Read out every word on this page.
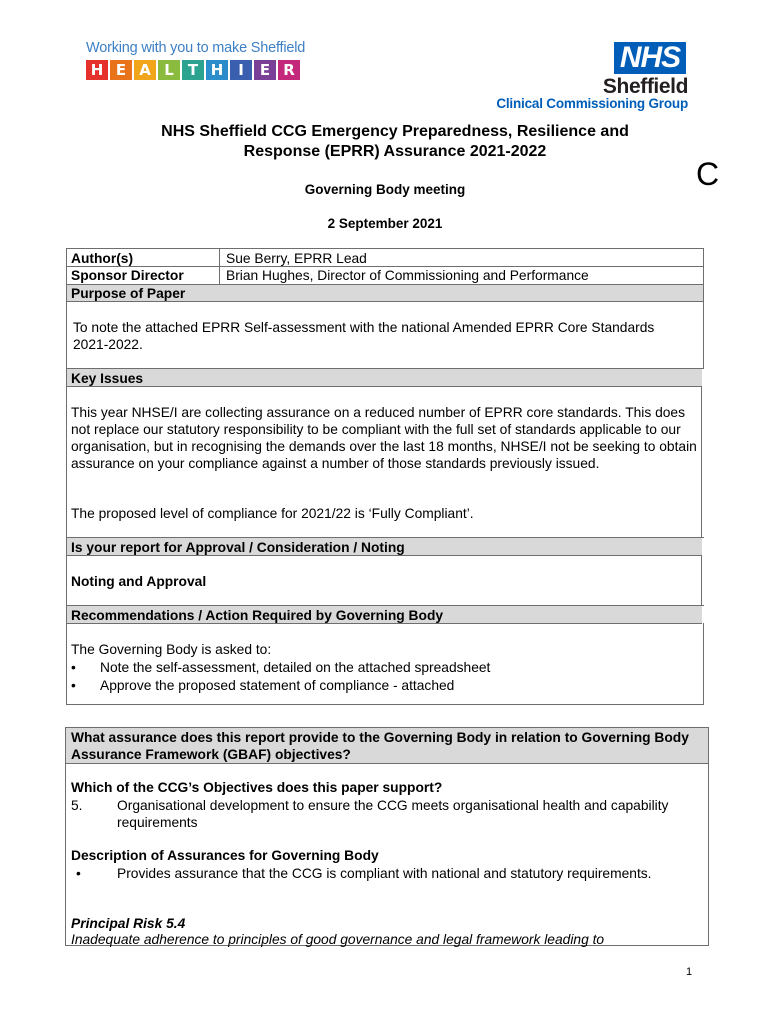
Working with you to make Sheffield
H E A L T H I	E R	NHS
Sheffield
Clinical Commissioning Group
NHS Sheffield CCG Emergency Preparedness, Resilience and
Response (EPRR) Assurance 2021-2022
C
Governing Body meeting
2 September 2021
Author(s)	Sue Berry, EPRR Lead
Sponsor Director	Brian Hughes, Director of Commissioning and Performance
Purpose of Paper
To note the attached EPRR Self-assessment with the national Amended EPRR Core Standards 2021-2022.
Key Issues
This year NHSE/I are collecting assurance on a reduced number of EPRR core standards. This does not replace our statutory responsibility to be compliant with the full set of standards applicable to our organisation, but in recognising the demands over the last 18 months, NHSE/I not be seeking to obtain assurance on your compliance against a number of those standards previously issued.
The proposed level of compliance for 2021/22 is ‘Fully Compliant’.
Is your report for Approval / Consideration / Noting
Noting and Approval
Recommendations / Action Required by Governing Body
The Governing Body is asked to:
• Note the self-assessment, detailed on the attached spreadsheet
• Approve the proposed statement of compliance - attached
What assurance does this report provide to the Governing Body in relation to Governing Body Assurance Framework (GBAF) objectives?
Which of the CCG’s Objectives does this paper support?
5. Organisational development to ensure the CCG meets organisational health and capability requirements
Description of Assurances for Governing Body
•	Provides assurance that the CCG is compliant with national and statutory requirements.
Principal Risk 5.4
Inadequate adherence to principles of good governance and legal framework leading to
1
